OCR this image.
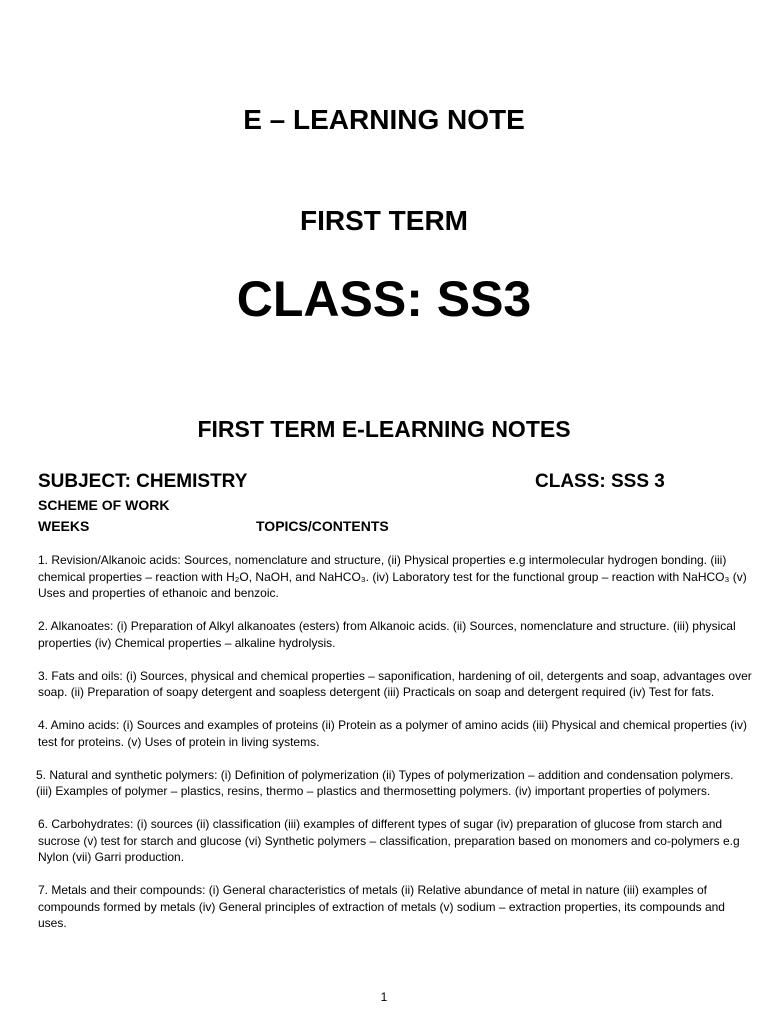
E – LEARNING NOTE
FIRST TERM
CLASS: SS3
FIRST TERM E-LEARNING NOTES
SUBJECT: CHEMISTRY	CLASS: SSS 3
SCHEME OF WORK
WEEKS	TOPICS/CONTENTS

1. Revision/Alkanoic acids: Sources, nomenclature and structure, (ii) Physical properties e.g intermolecular hydrogen bonding. (iii) chemical properties – reaction with H₂O, NaOH, and NaHCO₃. (iv) Laboratory test for the functional group – reaction with NaHCO₃ (v) Uses and properties of ethanoic and benzoic.

2. Alkanoates: (i) Preparation of Alkyl alkanoates (esters) from Alkanoic acids. (ii) Sources, nomenclature and structure. (iii) physical properties (iv) Chemical properties – alkaline hydrolysis.

3. Fats and oils: (i) Sources, physical and chemical properties – saponification, hardening of oil, detergents and soap, advantages over soap. (ii) Preparation of soapy detergent and soapless detergent (iii) Practicals on soap and detergent required (iv) Test for fats.

4. Amino acids: (i) Sources and examples of proteins (ii) Protein as a polymer of amino acids (iii) Physical and chemical properties (iv) test for proteins. (v) Uses of protein in living systems.

5. Natural and synthetic polymers: (i) Definition of polymerization (ii) Types of polymerization – addition and condensation polymers. (iii) Examples of polymer – plastics, resins, thermo – plastics and thermosetting polymers. (iv) important properties of polymers.

6. Carbohydrates: (i) sources (ii) classification (iii) examples of different types of sugar (iv) preparation of glucose from starch and sucrose (v) test for starch and glucose (vi) Synthetic polymers – classification, preparation based on monomers and co-polymers e.g Nylon (vii) Garri production.

7. Metals and their compounds: (i) General characteristics of metals (ii) Relative abundance of metal in nature (iii) examples of compounds formed by metals (iv) General principles of extraction of metals (v) sodium – extraction properties, its compounds and uses.

1
